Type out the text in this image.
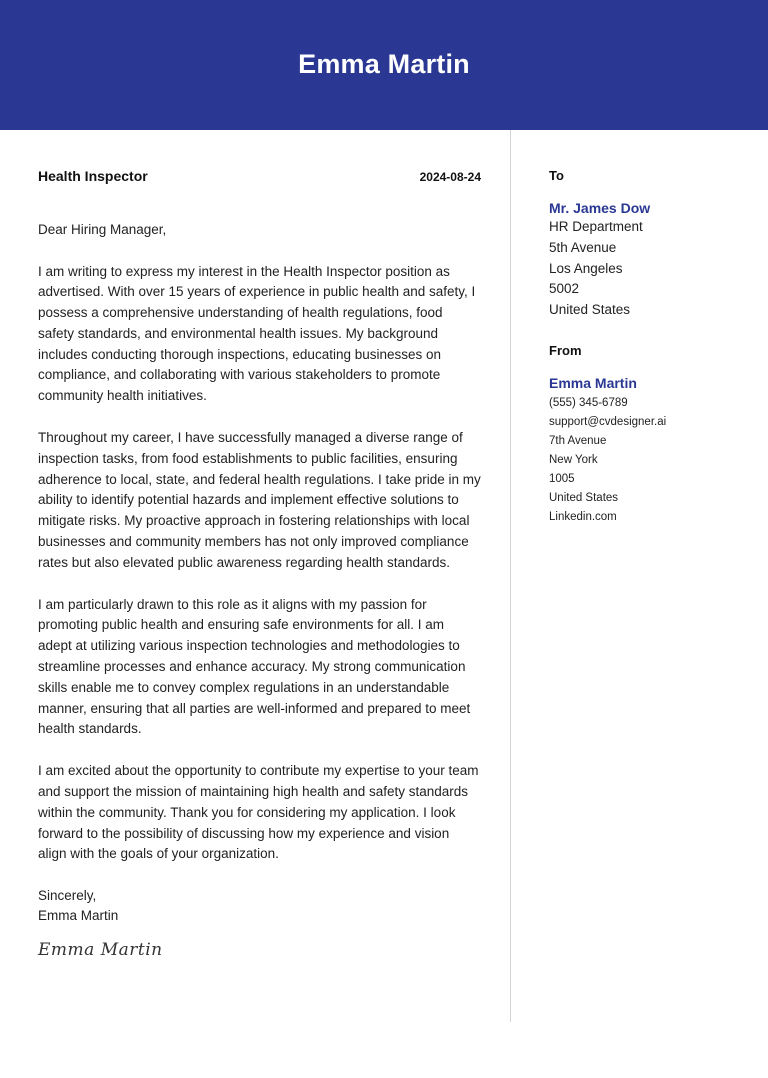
Emma Martin
Health Inspector	2024-08-24
Dear Hiring Manager,

I am writing to express my interest in the Health Inspector position as advertised. With over 15 years of experience in public health and safety, I possess a comprehensive understanding of health regulations, food safety standards, and environmental health issues. My background includes conducting thorough inspections, educating businesses on compliance, and collaborating with various stakeholders to promote community health initiatives.

Throughout my career, I have successfully managed a diverse range of inspection tasks, from food establishments to public facilities, ensuring adherence to local, state, and federal health regulations. I take pride in my ability to identify potential hazards and implement effective solutions to mitigate risks. My proactive approach in fostering relationships with local businesses and community members has not only improved compliance rates but also elevated public awareness regarding health standards.

I am particularly drawn to this role as it aligns with my passion for promoting public health and ensuring safe environments for all. I am adept at utilizing various inspection technologies and methodologies to streamline processes and enhance accuracy. My strong communication skills enable me to convey complex regulations in an understandable manner, ensuring that all parties are well-informed and prepared to meet health standards.

I am excited about the opportunity to contribute my expertise to your team and support the mission of maintaining high health and safety standards within the community. Thank you for considering my application. I look forward to the possibility of discussing how my experience and vision align with the goals of your organization.

Sincerely,
Emma Martin
Emma Martin
To
Mr. James Dow
HR Department
5th Avenue
Los Angeles
5002
United States
From
Emma Martin
(555) 345-6789
support@cvdesigner.ai
7th Avenue
New York
1005
United States
Linkedin.com
